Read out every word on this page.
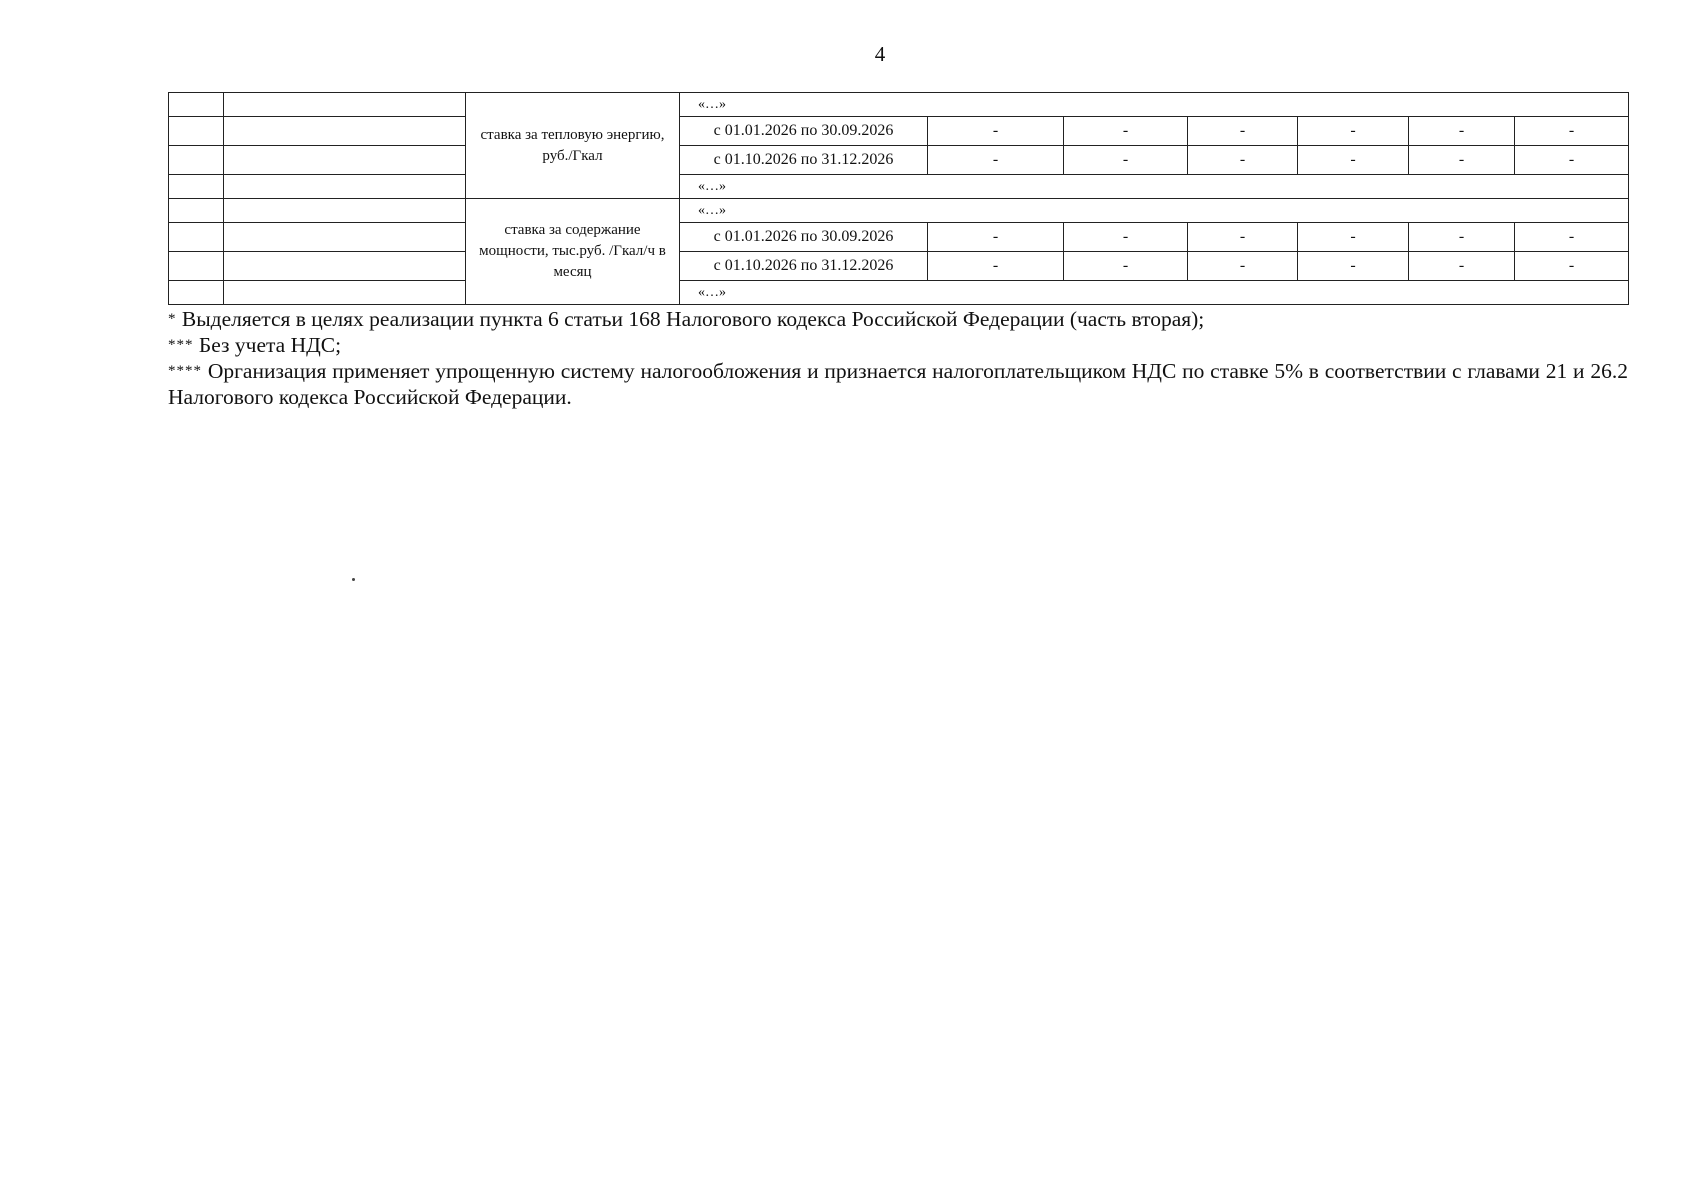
4
		ставка за тепловую энергию, руб./Гкал	«…»						
			с 01.01.2026 по 30.09.2026	-	-	-	-	-	-
			с 01.10.2026 по 31.12.2026	-	-	-	-	-	-
			«…»						
		ставка за содержание мощности, тыс.руб. /Гкал/ч в месяц	«…»						
			с 01.01.2026 по 30.09.2026	-	-	-	-	-	-
			с 01.10.2026 по 31.12.2026	-	-	-	-	-	-
			«…»						

* Выделяется в целях реализации пункта 6 статьи 168 Налогового кодекса Российской Федерации (часть вторая);

*** Без учета НДС;

**** Организация применяет упрощенную систему налогообложения и признается налогоплательщиком НДС по ставке 5% в соответствии с главами 21 и 26.2 Налогового кодекса Российской Федерации.
